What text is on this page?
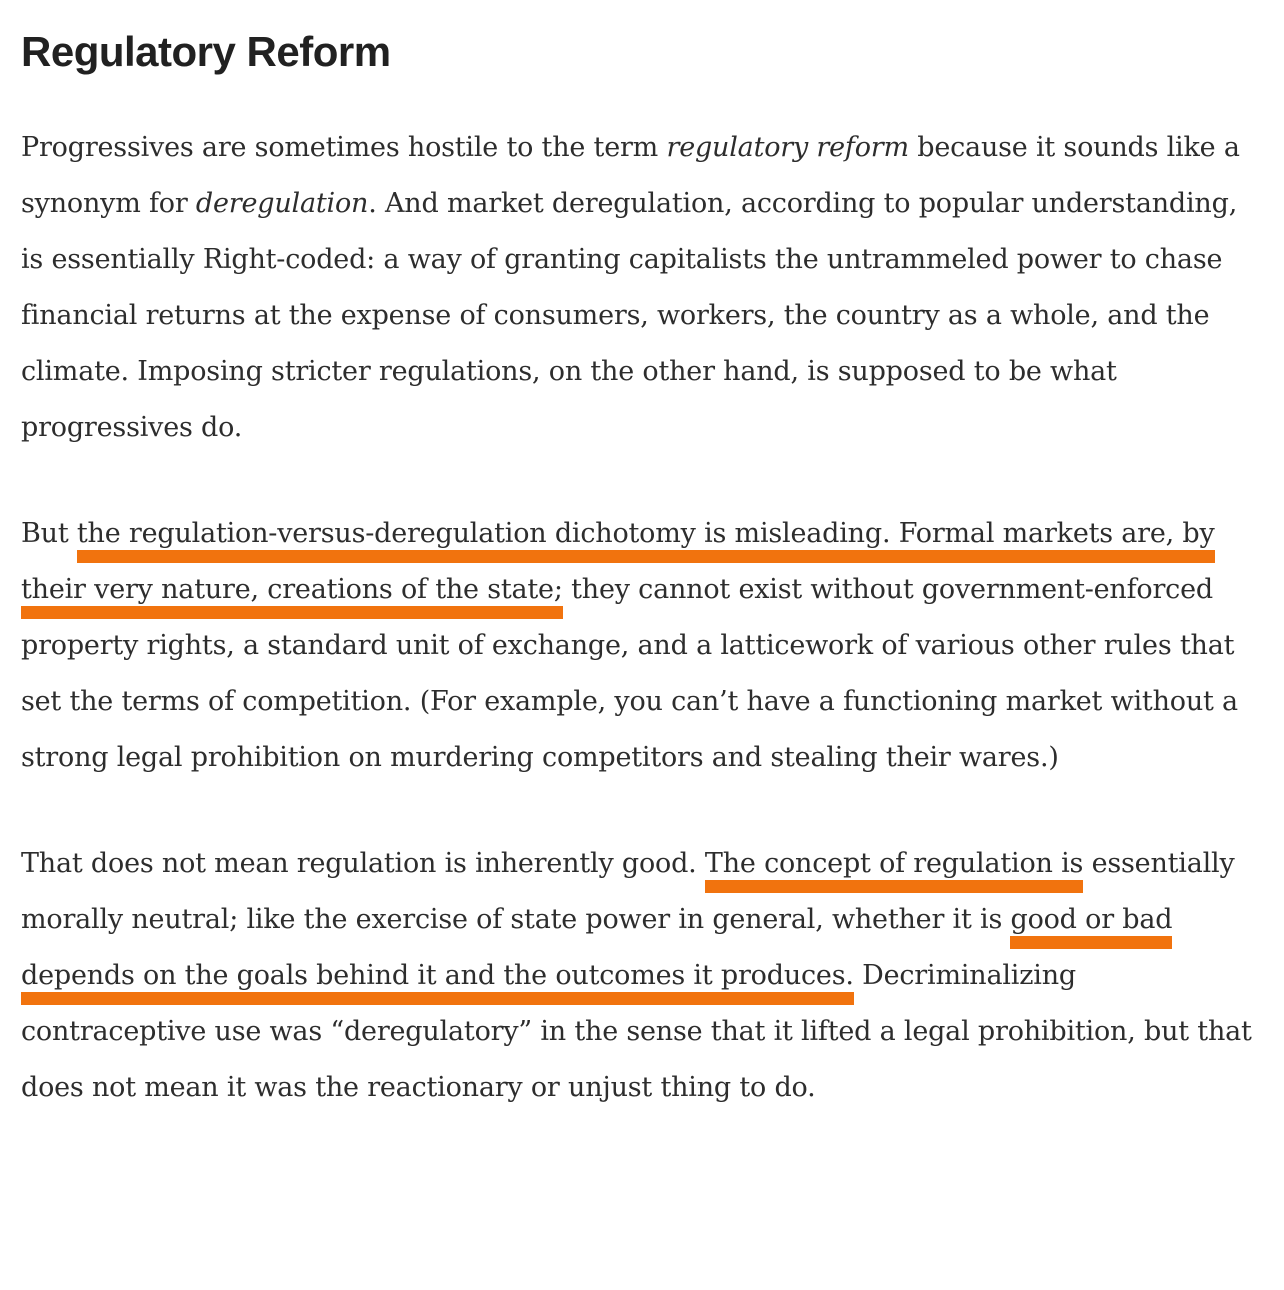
Regulatory Reform

Progressives are sometimes hostile to the term regulatory reform because it sounds like a synonym for deregulation. And market deregulation, according to popular understanding, is essentially Right-coded: a way of granting capitalists the untrammeled power to chase financial returns at the expense of consumers, workers, the country as a whole, and the climate. Imposing stricter regulations, on the other hand, is supposed to be what progressives do.

But the regulation-versus-deregulation dichotomy is misleading. Formal markets are, by their very nature, creations of the state; they cannot exist without government-enforced property rights, a standard unit of exchange, and a latticework of various other rules that set the terms of competition. (For example, you can’t have a functioning market without a strong legal prohibition on murdering competitors and stealing their wares.)

That does not mean regulation is inherently good. The concept of regulation is essentially morally neutral; like the exercise of state power in general, whether it is good or bad depends on the goals behind it and the outcomes it produces. Decriminalizing contraceptive use was “deregulatory” in the sense that it lifted a legal prohibition, but that does not mean it was the reactionary or unjust thing to do.
